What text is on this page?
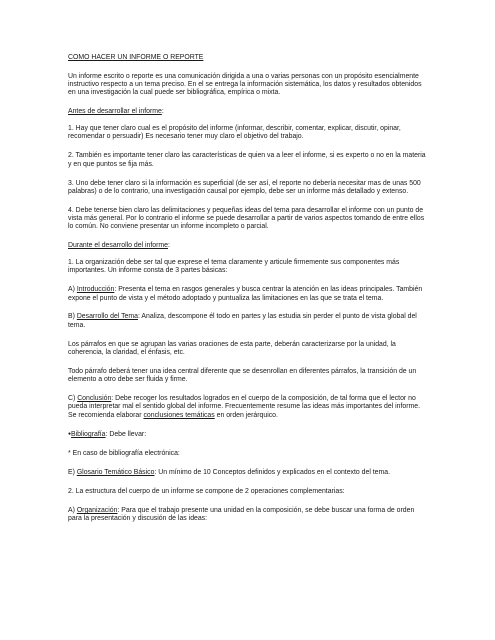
COMO HACER UN INFORME O REPORTE

Un informe escrito o reporte es una comunicación dirigida a una o varias personas con un propósito esencialmente instructivo respecto a un tema preciso. En el se entrega la información sistemática, los datos y resultados obtenidos en una investigación la cual puede ser bibliográfica, empírica o mixta.

Antes de desarrollar el informe:

1. Hay que tener claro cual es el propósito del informe (informar, describir, comentar, explicar, discutir, opinar, recomendar o persuadir) Es necesario tener muy claro el objetivo del trabajo.

2. También es importante tener claro las características de quien va a leer el informe, si es experto o no en la materia y en que puntos se fija más.

3. Uno debe tener claro si la información es superficial (de ser así, el reporte no debería necesitar mas de unas 500 palabras) o de lo contrario, una investigación causal por ejemplo, debe ser un informe más detallado y extenso.

4. Debe tenerse bien claro las delimitaciones y pequeñas ideas del tema para desarrollar el informe con un punto de vista más general. Por lo contrario el informe se puede desarrollar a partir de varios aspectos tomando de entre ellos lo común. No conviene presentar un informe incompleto o parcial.

Durante el desarrollo del informe:

1. La organización debe ser tal que exprese el tema claramente y articule firmemente sus componentes más importantes. Un informe consta de 3 partes básicas:

A) Introducción: Presenta el tema en rasgos generales y busca centrar la atención en las ideas principales. También expone el punto de vista y el método adoptado y puntualiza las limitaciones en las que se trata el tema.

B) Desarrollo del Tema: Analiza, descompone él todo en partes y las estudia sin perder el punto de vista global del tema.

Los párrafos en que se agrupan las varias oraciones de esta parte, deberán caracterizarse por la unidad, la coherencia, la claridad, el énfasis, etc.

Todo párrafo deberá tener una idea central diferente que se desenrollan en diferentes párrafos, la transición de un elemento a otro debe ser fluida y firme.

C) Conclusión: Debe recoger los resultados logrados en el cuerpo de la composición, de tal forma que el lector no pueda interpretar mal el sentido global del informe. Frecuentemente resume las ideas más importantes del informe. Se recomienda elaborar conclusiones temáticas en orden jerárquico.

●Bibliografía: Debe llevar:

* En caso de bibliografía electrónica:

E) Glosario Temático Básico: Un mínimo de 10 Conceptos definidos y explicados en el contexto del tema.

2. La estructura del cuerpo de un informe se compone de 2 operaciones complementarias:

A) Organización: Para que el trabajo presente una unidad en la composición, se debe buscar una forma de orden para la presentación y discusión de las ideas:
